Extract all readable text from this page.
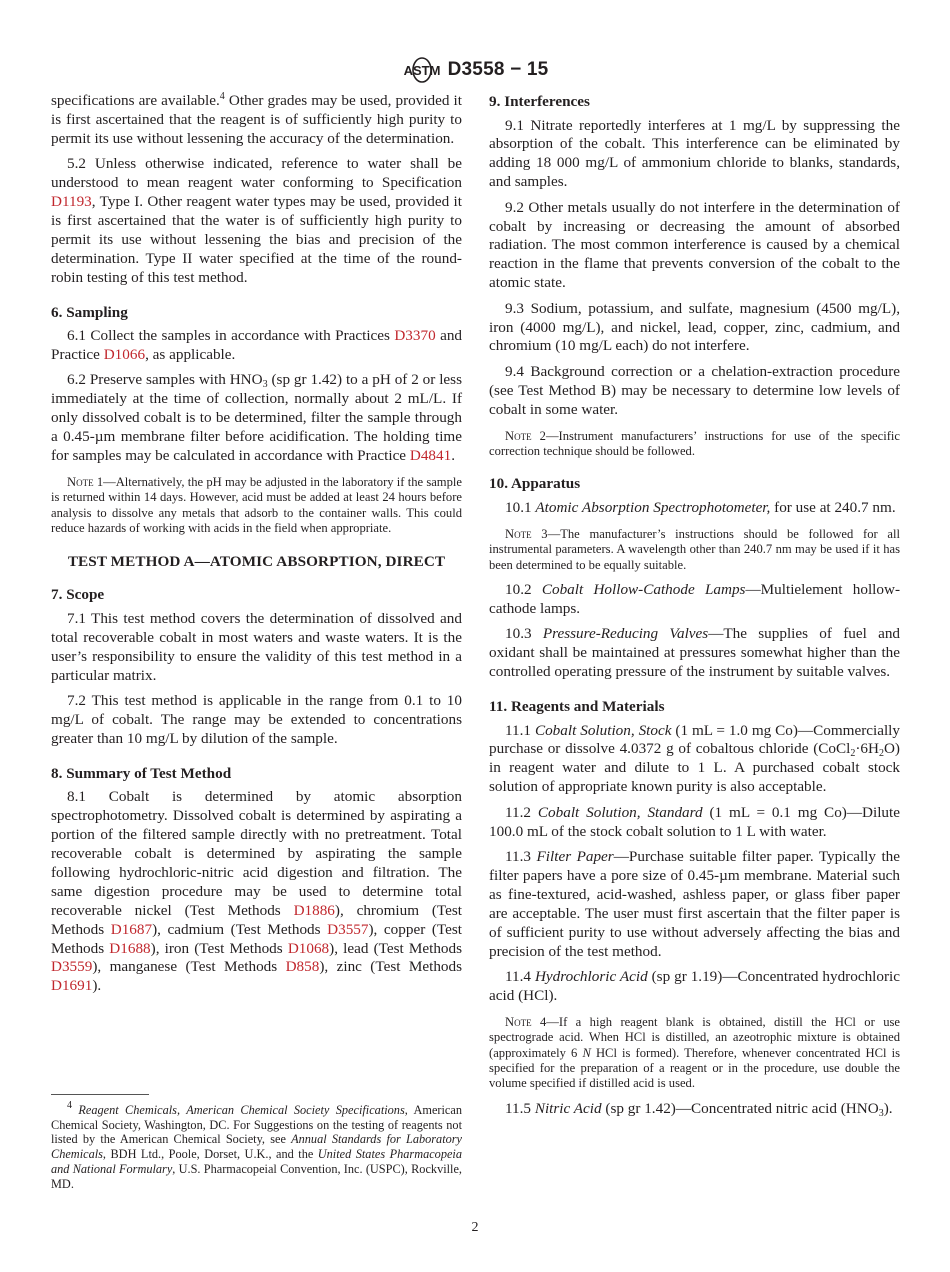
ASTM D3558 − 15

specifications are available.$^4$ Other grades may be used, provided it is first ascertained that the reagent is of sufficiently high purity to permit its use without lessening the accuracy of the determination.

5.2 Unless otherwise indicated, reference to water shall be understood to mean reagent water conforming to Specification D1193, Type I. Other reagent water types may be used, provided it is first ascertained that the water is of sufficiently high purity to permit its use without lessening the bias and precision of the determination. Type II water specified at the time of the round-robin testing of this test method.

6. Sampling

6.1 Collect the samples in accordance with Practices D3370 and Practice D1066, as applicable.

6.2 Preserve samples with $HNO_3$ (sp gr 1.42) to a pH of 2 or less immediately at the time of collection, normally about 2 mL/L. If only dissolved cobalt is to be determined, filter the sample through a 0.45-µm membrane filter before acidification. The holding time for samples may be calculated in accordance with Practice D4841.

Note 1—Alternatively, the pH may be adjusted in the laboratory if the sample is returned within 14 days. However, acid must be added at least 24 hours before analysis to dissolve any metals that adsorb to the container walls. This could reduce hazards of working with acids in the field when appropriate.

TEST METHOD A—ATOMIC ABSORPTION, DIRECT
7. Scope

7.1 This test method covers the determination of dissolved and total recoverable cobalt in most waters and waste waters. It is the user’s responsibility to ensure the validity of this test method in a particular matrix.

7.2 This test method is applicable in the range from 0.1 to 10 mg/L of cobalt. The range may be extended to concentrations greater than 10 mg/L by dilution of the sample.

8. Summary of Test Method

8.1 Cobalt is determined by atomic absorption spectrophotometry. Dissolved cobalt is determined by aspirating a portion of the filtered sample directly with no pretreatment. Total recoverable cobalt is determined by aspirating the sample following hydrochloric-nitric acid digestion and filtration. The same digestion procedure may be used to determine total recoverable nickel (Test Methods D1886), chromium (Test Methods D1687), cadmium (Test Methods D3557), copper (Test Methods D1688), iron (Test Methods D1068), lead (Test Methods D3559), manganese (Test Methods D858), zinc (Test Methods D1691).

$^4$ Reagent Chemicals, American Chemical Society Specifications, American Chemical Society, Washington, DC. For Suggestions on the testing of reagents not listed by the American Chemical Society, see Annual Standards for Laboratory Chemicals, BDH Ltd., Poole, Dorset, U.K., and the United States Pharmacopeia and National Formulary, U.S. Pharmacopeial Convention, Inc. (USPC), Rockville, MD.

9. Interferences

9.1 Nitrate reportedly interferes at 1 mg/L by suppressing the absorption of the cobalt. This interference can be eliminated by adding 18 000 mg/L of ammonium chloride to blanks, standards, and samples.

9.2 Other metals usually do not interfere in the determination of cobalt by increasing or decreasing the amount of absorbed radiation. The most common interference is caused by a chemical reaction in the flame that prevents conversion of the cobalt to the atomic state.

9.3 Sodium, potassium, and sulfate, magnesium (4500 mg/L), iron (4000 mg/L), and nickel, lead, copper, zinc, cadmium, and chromium (10 mg/L each) do not interfere.

9.4 Background correction or a chelation-extraction procedure (see Test Method B) may be necessary to determine low levels of cobalt in some water.

Note 2—Instrument manufacturers’ instructions for use of the specific correction technique should be followed.

10. Apparatus

10.1 Atomic Absorption Spectrophotometer, for use at 240.7 nm.

Note 3—The manufacturer’s instructions should be followed for all instrumental parameters. A wavelength other than 240.7 nm may be used if it has been determined to be equally suitable.

10.2 Cobalt Hollow-Cathode Lamps—Multielement hollow-cathode lamps.

10.3 Pressure-Reducing Valves—The supplies of fuel and oxidant shall be maintained at pressures somewhat higher than the controlled operating pressure of the instrument by suitable valves.

11. Reagents and Materials

11.1 Cobalt Solution, Stock (1 mL = 1.0 mg Co)—Commercially purchase or dissolve 4.0372 g of cobaltous chloride $(CoCl_2\cdot 6H_2O)$ in reagent water and dilute to 1 L. A purchased cobalt stock solution of appropriate known purity is also acceptable.

11.2 Cobalt Solution, Standard (1 mL = 0.1 mg Co)—Dilute 100.0 mL of the stock cobalt solution to 1 L with water.

11.3 Filter Paper—Purchase suitable filter paper. Typically the filter papers have a pore size of 0.45-µm membrane. Material such as fine-textured, acid-washed, ashless paper, or glass fiber paper are acceptable. The user must first ascertain that the filter paper is of sufficient purity to use without adversely affecting the bias and precision of the test method.

11.4 Hydrochloric Acid (sp gr 1.19)—Concentrated hydrochloric acid (HCl).

Note 4—If a high reagent blank is obtained, distill the HCl or use spectrograde acid. When HCl is distilled, an azeotrophic mixture is obtained (approximately 6 N HCl is formed). Therefore, whenever concentrated HCl is specified for the preparation of a reagent or in the procedure, use double the volume specified if distilled acid is used.

11.5 Nitric Acid (sp gr 1.42)—Concentrated nitric acid $(HNO_3)$.

2
